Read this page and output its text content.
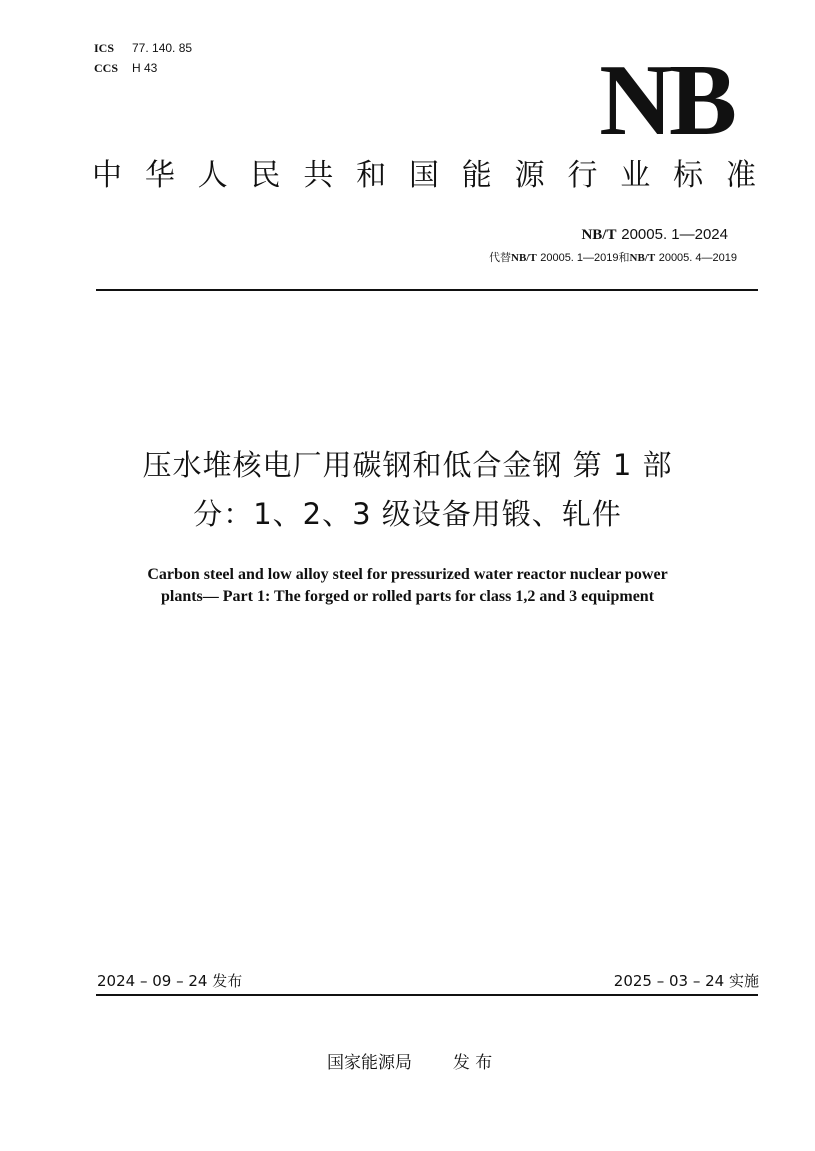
ICS 77. 140. 85
CCS H 43	NB
中 华 人 民 共 和 国 能 源 行 业 标 准
NB/T 20005. 1—2024
代替NB/T 20005. 1—2019和NB/T 20005. 4—2019
压水堆核电厂用碳钢和低合金钢 第 1 部
分：1、2、3 级设备用锻、轧件
Carbon steel and low alloy steel for pressurized water reactor nuclear power
plants— Part 1: The forged or rolled parts for class 1,2 and 3 equipment
2024 – 09 – 24 发布	2025 – 03 – 24 实施
国家能源局 发 布
